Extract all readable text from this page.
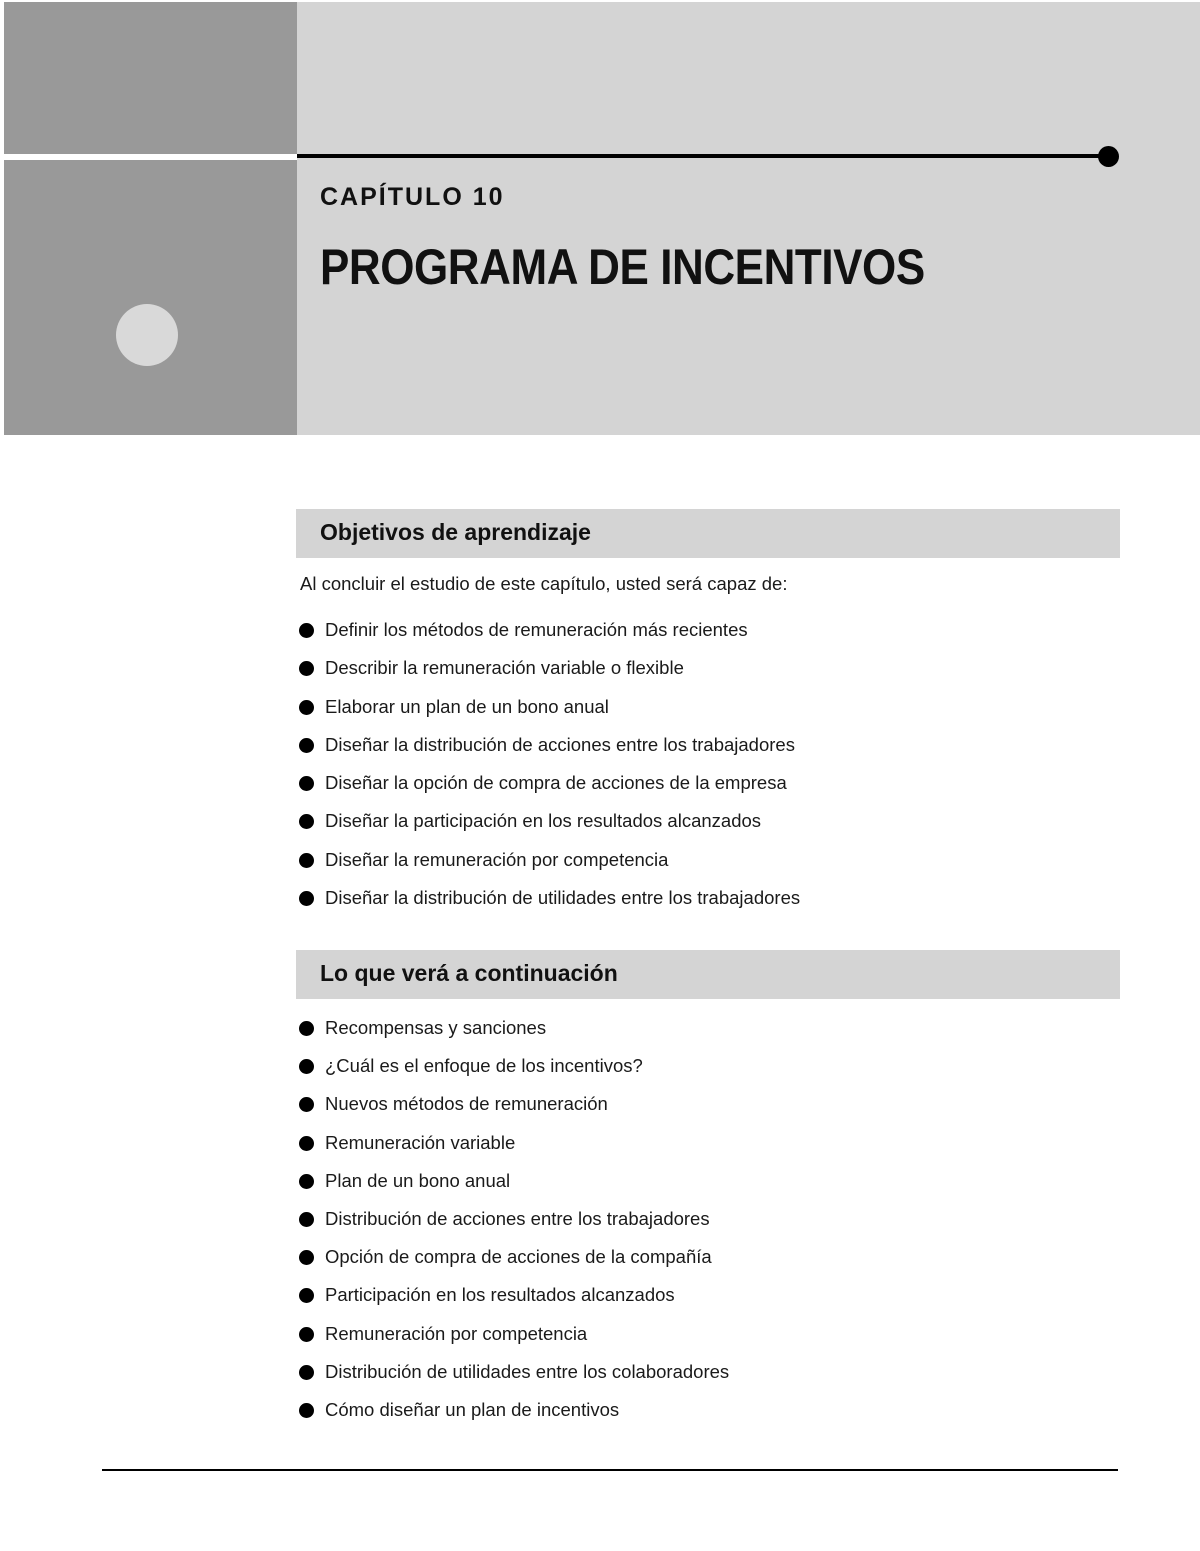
CAPÍTULO 10
PROGRAMA DE INCENTIVOS
Objetivos de aprendizaje

Al concluir el estudio de este capítulo, usted será capaz de:

Definir los métodos de remuneración más recientes
Describir la remuneración variable o flexible
Elaborar un plan de un bono anual
Diseñar la distribución de acciones entre los trabajadores
Diseñar la opción de compra de acciones de la empresa
Diseñar la participación en los resultados alcanzados
Diseñar la remuneración por competencia
Diseñar la distribución de utilidades entre los trabajadores
Lo que verá a continuación
Recompensas y sanciones
¿Cuál es el enfoque de los incentivos?
Nuevos métodos de remuneración
Remuneración variable
Plan de un bono anual
Distribución de acciones entre los trabajadores
Opción de compra de acciones de la compañía
Participación en los resultados alcanzados
Remuneración por competencia
Distribución de utilidades entre los colaboradores
Cómo diseñar un plan de incentivos
